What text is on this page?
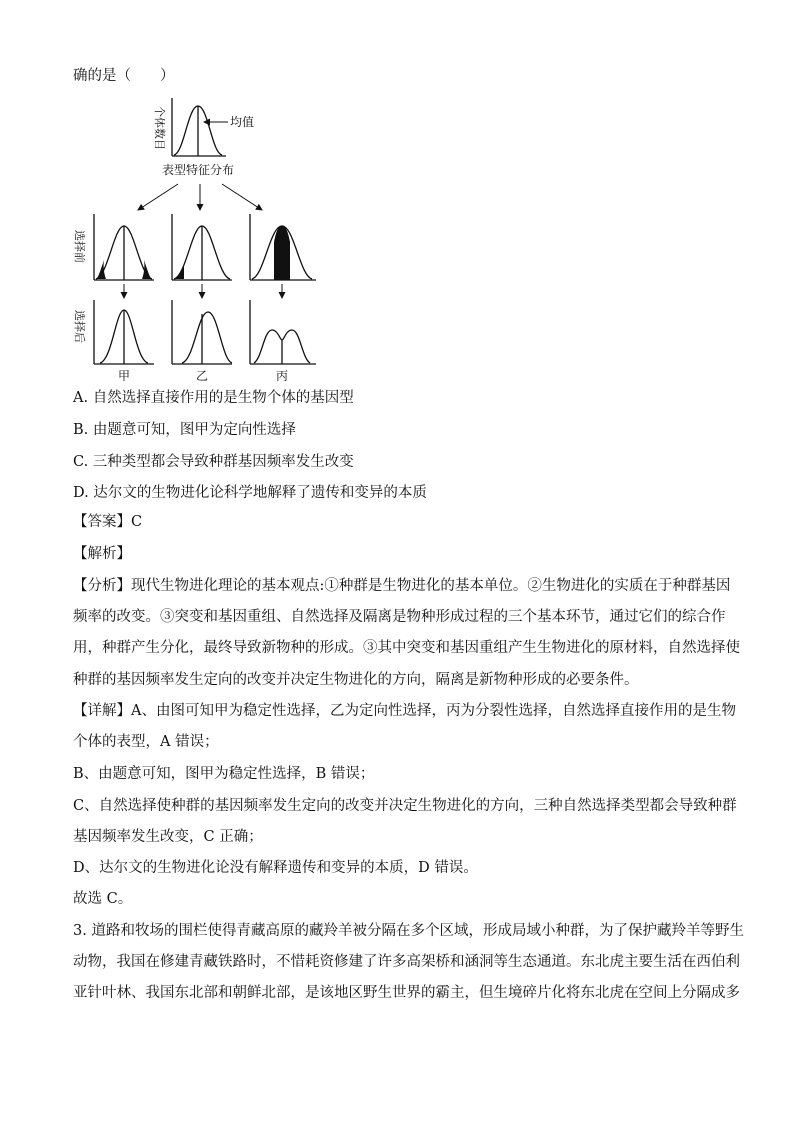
确的是（　　）
个体数目	均值
表型特征分布
选择前
选择后
甲	乙	丙
A. 自然选择直接作用的是生物个体的基因型
B. 由题意可知，图甲为定向性选择
C. 三种类型都会导致种群基因频率发生改变
D. 达尔文的生物进化论科学地解释了遗传和变异的本质
【答案】C
【解析】
【分析】现代生物进化理论的基本观点:①种群是生物进化的基本单位。②生物进化的实质在于种群基因
频率的改变。③突变和基因重组、自然选择及隔离是物种形成过程的三个基本环节，通过它们的综合作
用，种群产生分化，最终导致新物种的形成。③其中突变和基因重组产生生物进化的原材料，自然选择使
种群的基因频率发生定向的改变并决定生物进化的方向，隔离是新物种形成的必要条件。
【详解】A、由图可知甲为稳定性选择，乙为定向性选择，丙为分裂性选择，自然选择直接作用的是生物
个体的表型，A 错误；
B、由题意可知，图甲为稳定性选择，B 错误；
C、自然选择使种群的基因频率发生定向的改变并决定生物进化的方向，三种自然选择类型都会导致种群
基因频率发生改变，C 正确；
D、达尔文的生物进化论没有解释遗传和变异的本质，D 错误。
故选 C。
3. 道路和牧场的围栏使得青藏高原的藏羚羊被分隔在多个区域，形成局域小种群，为了保护藏羚羊等野生
动物，我国在修建青藏铁路时，不惜耗资修建了许多高架桥和涵洞等生态通道。东北虎主要生活在西伯利
亚针叶林、我国东北部和朝鲜北部，是该地区野生世界的霸主，但生境碎片化将东北虎在空间上分隔成多
